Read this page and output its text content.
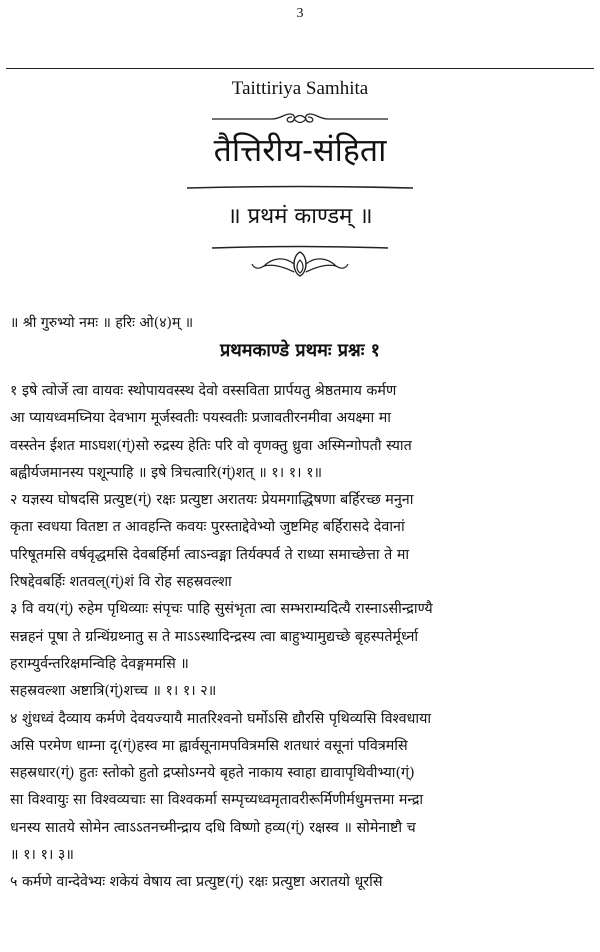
3
Taittiriya Samhita
तैत्तिरीय-संहिता
॥ प्रथमं काण्डम् ॥
॥ श्री गुरुभ्यो नमः ॥ हरिः ओ(४)म् ॥
प्रथमकाण्डे प्रथमः प्रश्नः १
१ इषे त्वोर्जे त्वा वायवः स्थोपायवस्स्थ देवो वस्सविता प्रार्पयतु श्रेष्ठतमाय कर्मण
आ प्यायध्वमघ्निया देवभाग मूर्जस्वतीः पयस्वतीः प्रजावतीरनमीवा अयक्ष्मा मा
वस्स्तेन ईशत माऽघश(ग्ं)सो रुद्रस्य हेतिः परि वो वृणक्तु ध्रुवा अस्मिन्गोपतौ स्यात
बह्वीर्यजमानस्य पशून्पाहि ॥ इषे त्रिचत्वारि(ग्ं)शत् ॥ १। १। १॥
२ यज्ञस्य घोषदसि प्रत्युष्ट(ग्ं) रक्षः प्रत्युष्टा अरातयः प्रेयमगाद्धिषणा बर्हिरच्छ मनुना
कृता स्वधया वितष्टा त आवहन्ति कवयः पुरस्ताद्देवेभ्यो जुष्टमिह बर्हिरासदे देवानां
परिषूतमसि वर्षवृद्धमसि देवबर्हिर्मा त्वाऽन्वङ्मा तिर्यक्पर्व ते राध्या समाच्छेत्ता ते मा
रिषद्देवबर्हिः शतवल्(ग्ं)शं वि रोह सहस्रवल्शा
३ वि वय(ग्ं) रुहेम पृथिव्याः संपृचः पाहि सुसंभृता त्वा सम्भराम्यदित्यै रास्नाऽसीन्द्राण्यै
सन्नहनं पूषा ते ग्रन्थिंग्रथ्नातु स ते माऽऽस्थादिन्द्रस्य त्वा बाहुभ्यामुद्यच्छे बृहस्पतेर्मूर्ध्ना
हराम्युर्वन्तरिक्षमन्विहि देवङ्गममसि ॥
सहस्रवल्शा अष्टात्रि(ग्ं)शच्च ॥ १। १। २॥
४ शुंधध्वं दैव्याय कर्मणे देवयज्यायै मातरिश्वनो घर्मोऽसि द्यौरसि पृथिव्यसि विश्वधाया
असि परमेण धाम्ना दृ(ग्ं)हस्व मा ह्वार्वसूनामपवित्रमसि शतधारं वसूनां पवित्रमसि
सहस्रधार(ग्ं) हुतः स्तोको हुतो द्रप्सोऽग्नये बृहते नाकाय स्वाहा द्यावापृथिवीभ्या(ग्ं)
सा विश्वायुः सा विश्वव्यचाः सा विश्वकर्मा सम्पृच्यध्वमृतावरीरूर्मिणीर्मधुमत्तमा मन्द्रा
धनस्य सातये सोमेन त्वाऽऽतनच्मीन्द्राय दधि विष्णो हव्य(ग्ं) रक्षस्व ॥ सोमेनाष्टौ च
॥ १। १। ३॥
५ कर्मणे वान्देवेभ्यः शकेयं वेषाय त्वा प्रत्युष्ट(ग्ं) रक्षः प्रत्युष्टा अरातयो धूरसि
